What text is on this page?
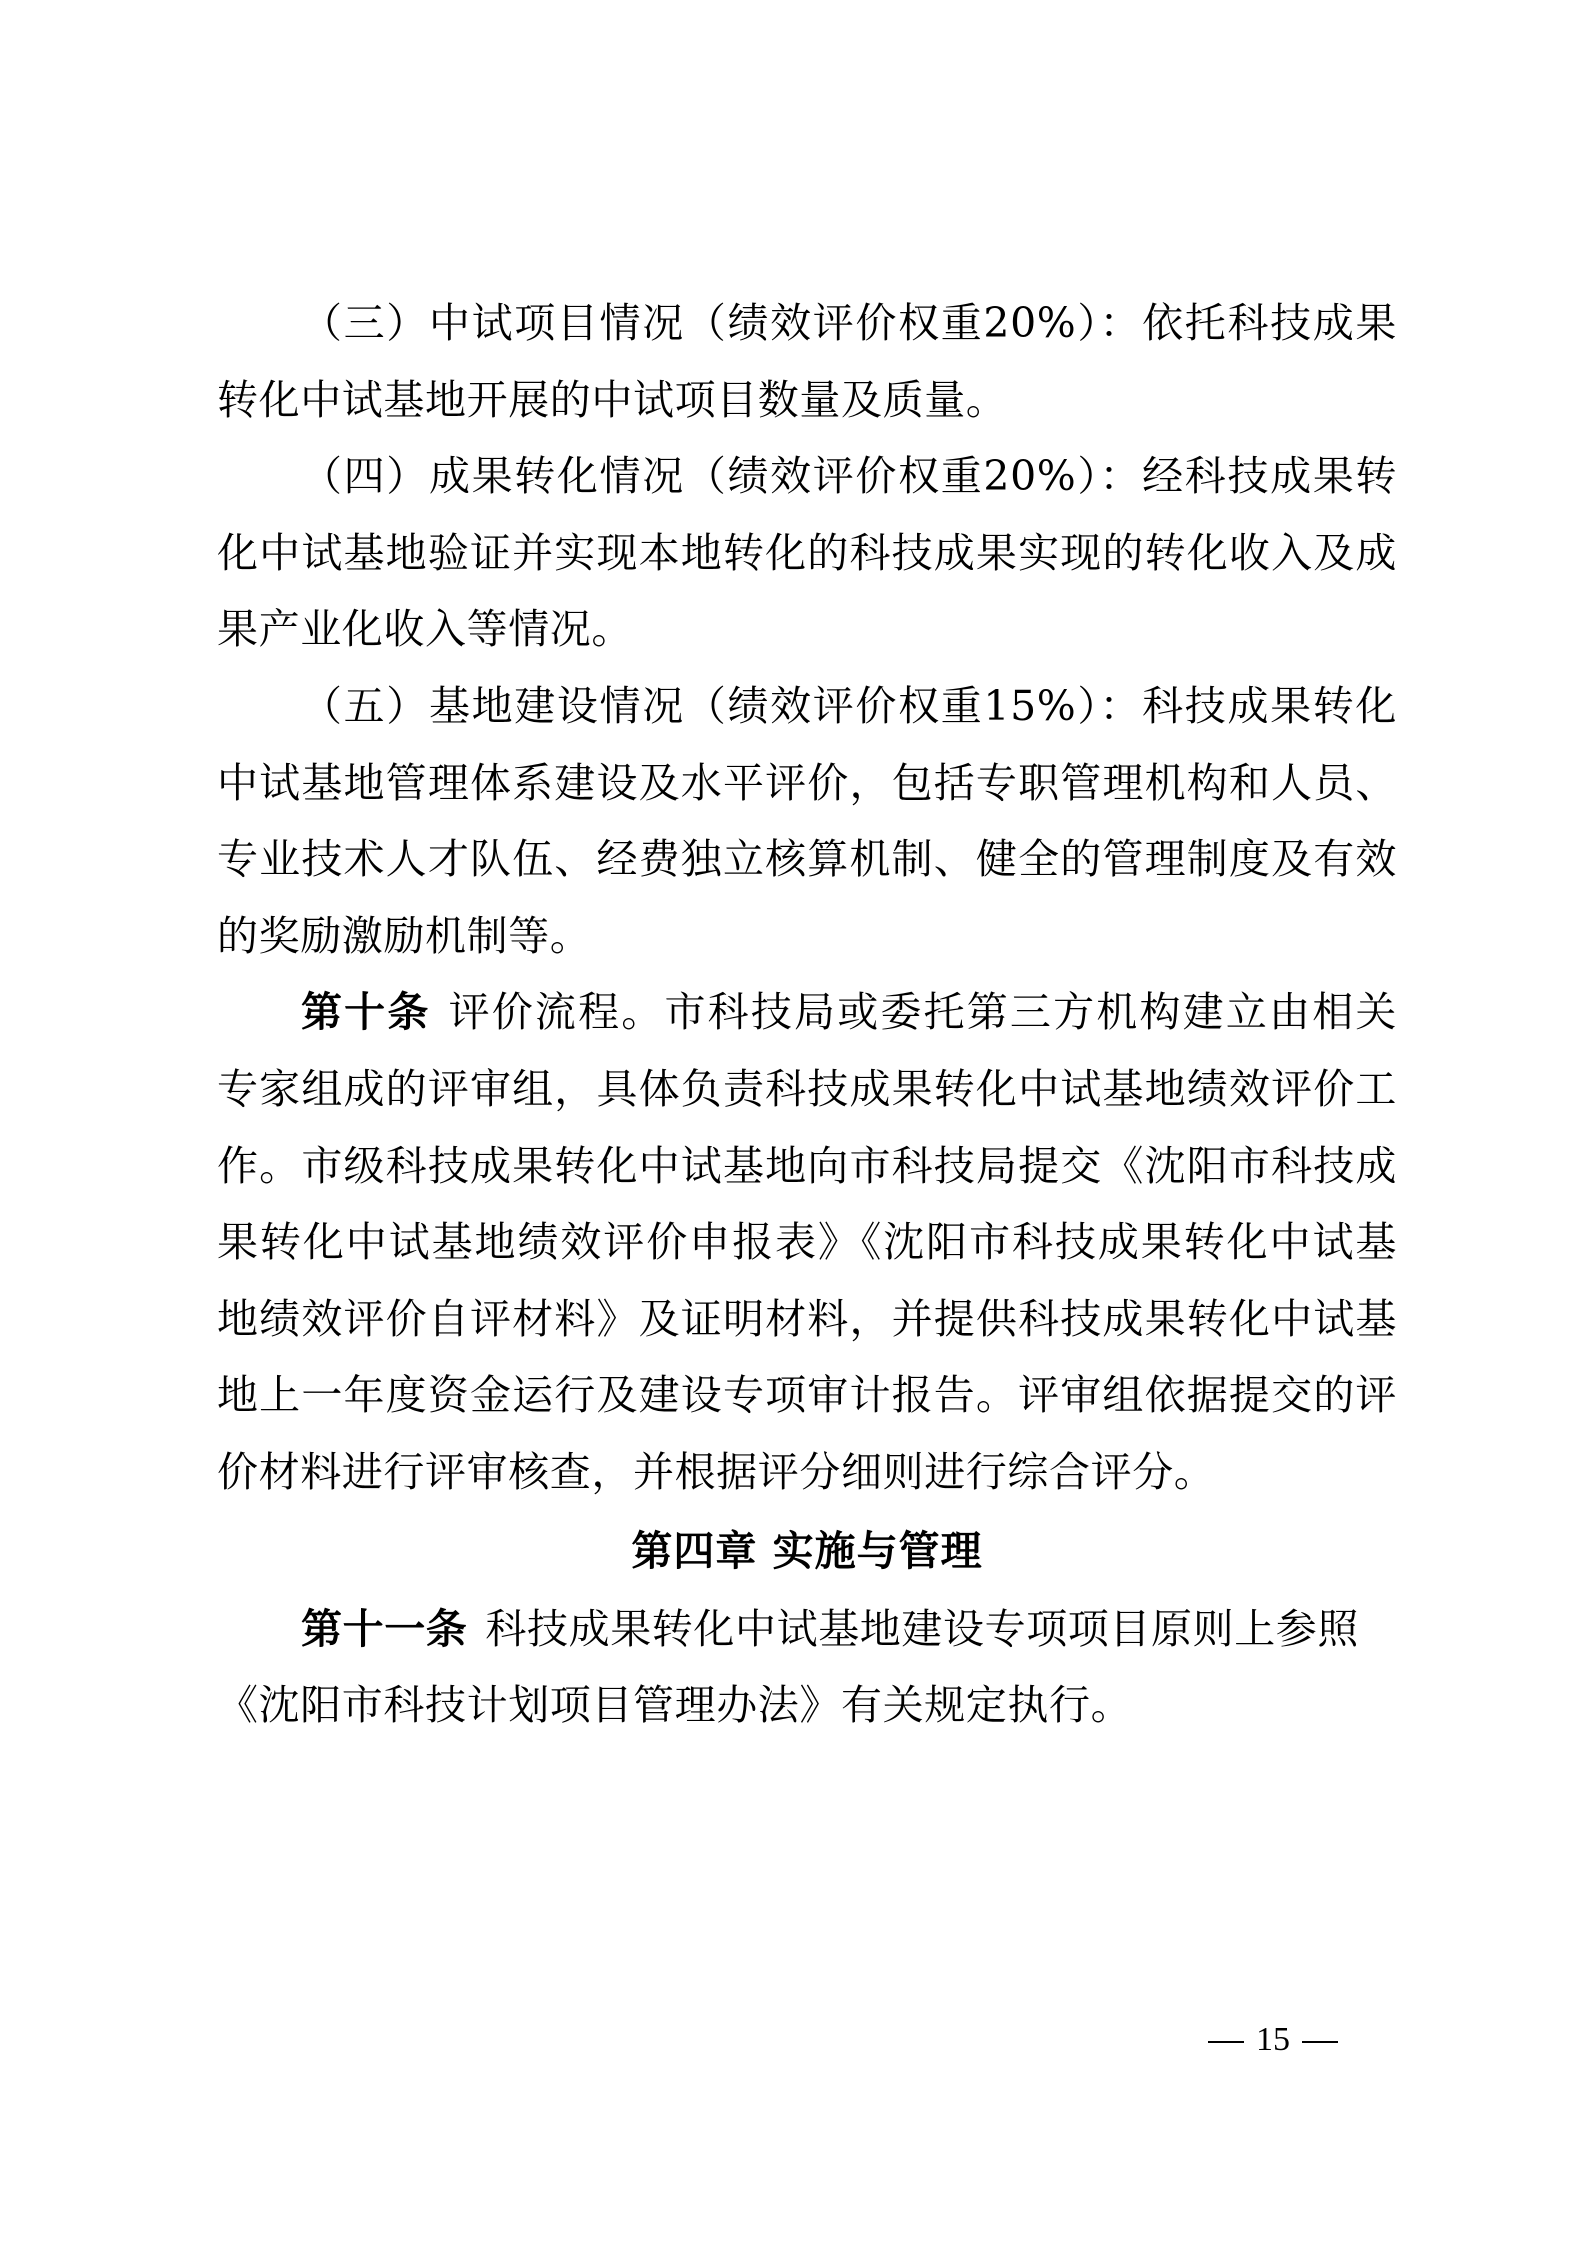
（三）中试项目情况（绩效评价权重20%）：依托科技成果
转化中试基地开展的中试项目数量及质量。
（四）成果转化情况（绩效评价权重20%）：经科技成果转
化中试基地验证并实现本地转化的科技成果实现的转化收入及成
果产业化收入等情况。
（五）基地建设情况（绩效评价权重15%）：科技成果转化
中试基地管理体系建设及水平评价，包括专职管理机构和人员、
专业技术人才队伍、经费独立核算机制、健全的管理制度及有效
的奖励激励机制等。
第十条 评价流程。市科技局或委托第三方机构建立由相关
专家组成的评审组，具体负责科技成果转化中试基地绩效评价工
作。市级科技成果转化中试基地向市科技局提交《沈阳市科技成
果转化中试基地绩效评价申报表》《沈阳市科技成果转化中试基
地绩效评价自评材料》及证明材料，并提供科技成果转化中试基
地上一年度资金运行及建设专项审计报告。评审组依据提交的评
价材料进行评审核查，并根据评分细则进行综合评分。
第四章 实施与管理
第十一条 科技成果转化中试基地建设专项项目原则上参照
《沈阳市科技计划项目管理办法》有关规定执行。
15
